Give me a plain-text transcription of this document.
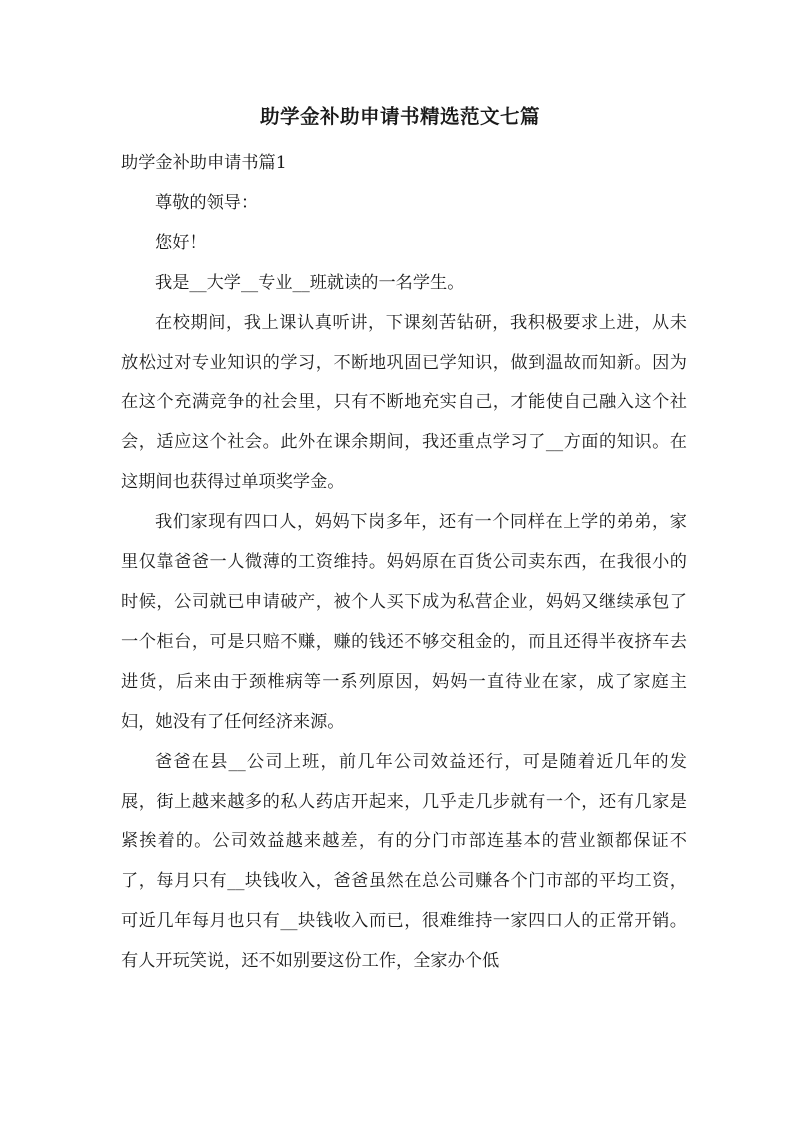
助学金补助申请书精选范文七篇

助学金补助申请书篇1

尊敬的领导：

您好！

我是__大学__专业__班就读的一名学生。

在校期间，我上课认真听讲，下课刻苦钻研，我积极要求上进，从未放松过对专业知识的学习，不断地巩固已学知识，做到温故而知新。因为在这个充满竞争的社会里，只有不断地充实自己，才能使自己融入这个社会，适应这个社会。此外在课余期间，我还重点学习了__方面的知识。在这期间也获得过单项奖学金。

我们家现有四口人，妈妈下岗多年，还有一个同样在上学的弟弟，家里仅靠爸爸一人微薄的工资维持。妈妈原在百货公司卖东西，在我很小的时候，公司就已申请破产，被个人买下成为私营企业，妈妈又继续承包了一个柜台，可是只赔不赚，赚的钱还不够交租金的，而且还得半夜挤车去进货，后来由于颈椎病等一系列原因，妈妈一直待业在家，成了家庭主妇，她没有了任何经济来源。

爸爸在县__公司上班，前几年公司效益还行，可是随着近几年的发展，街上越来越多的私人药店开起来，几乎走几步就有一个，还有几家是紧挨着的。公司效益越来越差，有的分门市部连基本的营业额都保证不了，每月只有__块钱收入，爸爸虽然在总公司赚各个门市部的平均工资，可近几年每月也只有__块钱收入而已，很难维持一家四口人的正常开销。有人开玩笑说，还不如别要这份工作，全家办个低
